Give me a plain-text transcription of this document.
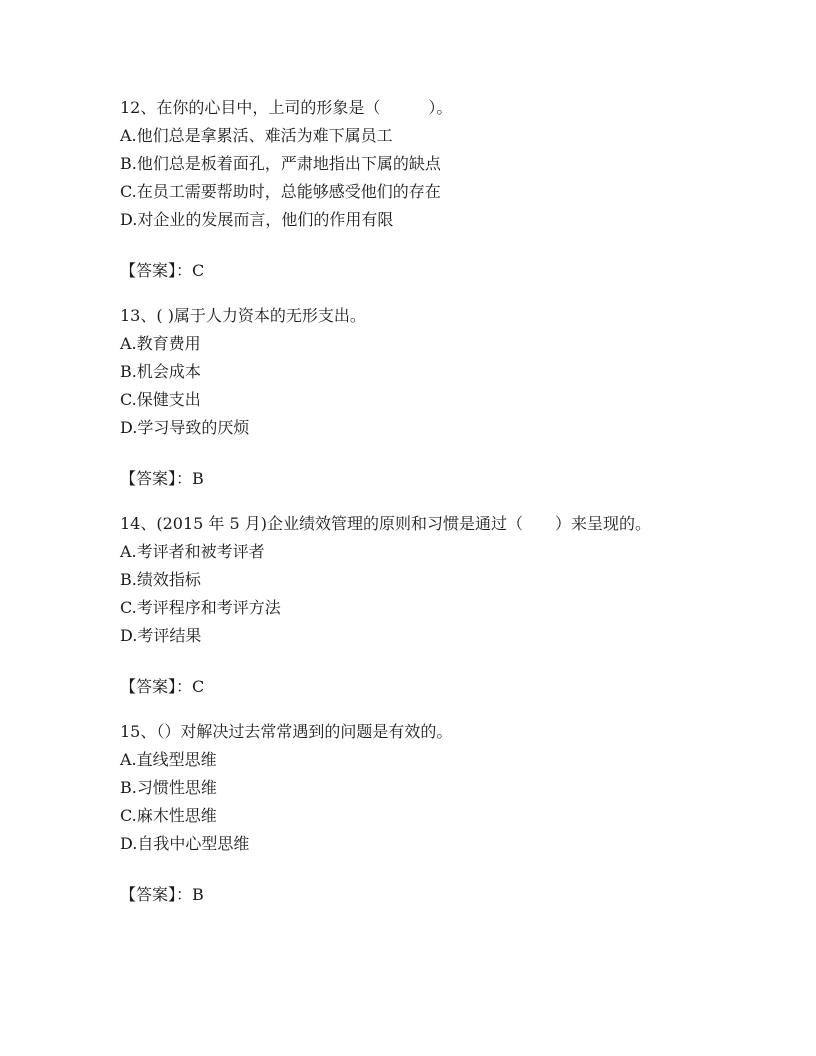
12、在你的心目中，上司的形象是（　　　）。

A.他们总是拿累活、难活为难下属员工
B.他们总是板着面孔，严肃地指出下属的缺点
C.在员工需要帮助时，总能够感受他们的存在
D.对企业的发展而言，他们的作用有限

【答案】：C

13、( )属于人力资本的无形支出。

A.教育费用
B.机会成本
C.保健支出
D.学习导致的厌烦

【答案】：B

14、(2015 年 5 月)企业绩效管理的原则和习惯是通过（　　）来呈现的。

A.考评者和被考评者
B.绩效指标
C.考评程序和考评方法
D.考评结果

【答案】：C

15、（）对解决过去常常遇到的问题是有效的。

A.直线型思维
B.习惯性思维
C.麻木性思维
D.自我中心型思维

【答案】：B
